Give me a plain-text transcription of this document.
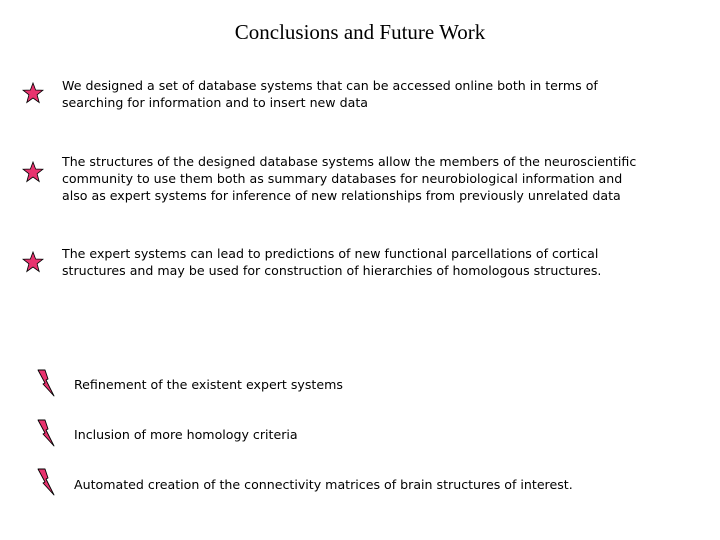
Conclusions and Future Work
We designed a set of database systems that can be accessed online both in terms of
searching for information and to insert new data
The structures of the designed database systems allow the members of the neuroscientific
community to use them both as summary databases for neurobiological information and
also as expert systems for inference of new relationships from previously unrelated data
The expert systems can lead to predictions of new functional parcellations of cortical
structures and may be used for construction of hierarchies of homologous structures.
Refinement of the existent expert systems
Inclusion of more homology criteria
Automated creation of the connectivity matrices of brain structures of interest.
